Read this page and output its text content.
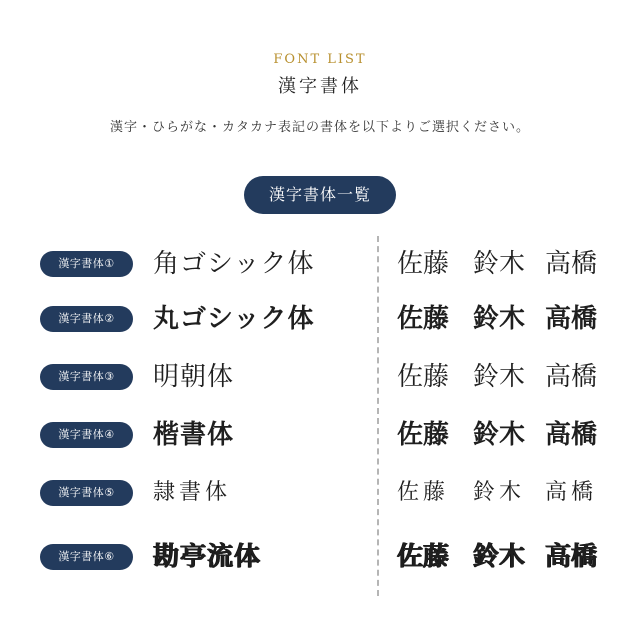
FONT LIST
漢字書体
漢字・ひらがな・カタカナ表記の書体を以下よりご選択ください。
漢字書体一覧
漢字書体①	角ゴシック体	佐藤 鈴木 高橋
漢字書体②	丸ゴシック体	佐藤 鈴木 高橋
漢字書体③	明朝体	佐藤 鈴木 高橋
漢字書体④	楷書体	佐藤 鈴木 高橋
漢字書体⑤	隷書体	佐藤 鈴木 高橋
漢字書体⑥	勘亭流体	佐藤 鈴木 高橋
